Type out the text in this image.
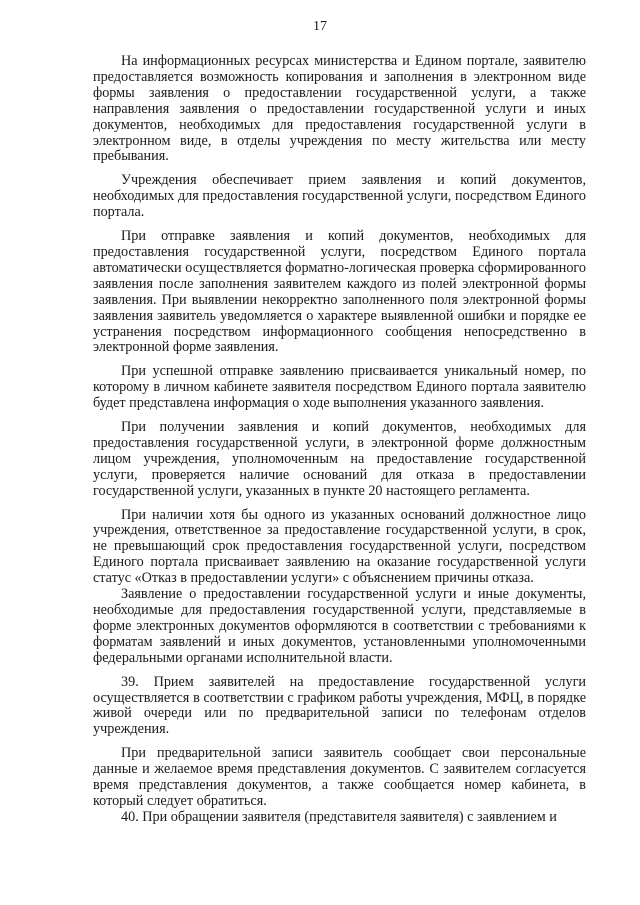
17

На информационных ресурсах министерства и Едином портале, заявителю предоставляется возможность копирования и заполнения в электронном виде формы заявления о предоставлении государственной услуги, а также направления заявления о предоставлении государственной услуги и иных документов, необходимых для предоставления государственной услуги в электронном виде, в отделы учреждения по месту жительства или месту пребывания.

Учреждения обеспечивает прием заявления и копий документов, необходимых для предоставления государственной услуги, посредством Единого портала.

При отправке заявления и копий документов, необходимых для предоставления государственной услуги, посредством Единого портала автоматически осуществляется форматно-логическая проверка сформированного заявления после заполнения заявителем каждого из полей электронной формы заявления. При выявлении некорректно заполненного поля электронной формы заявления заявитель уведомляется о характере выявленной ошибки и порядке ее устранения посредством информационного сообщения непосредственно в электронной форме заявления.

При успешной отправке заявлению присваивается уникальный номер, по которому в личном кабинете заявителя посредством Единого портала заявителю будет представлена информация о ходе выполнения указанного заявления.

При получении заявления и копий документов, необходимых для предоставления государственной услуги, в электронной форме должностным лицом учреждения, уполномоченным на предоставление государственной услуги, проверяется наличие оснований для отказа в предоставлении государственной услуги, указанных в пункте 20 настоящего регламента.

При наличии хотя бы одного из указанных оснований должностное лицо учреждения, ответственное за предоставление государственной услуги, в срок, не превышающий срок предоставления государственной услуги, посредством Единого портала присваивает заявлению на оказание государственной услуги статус «Отказ в предоставлении услуги» с объяснением причины отказа.

Заявление о предоставлении государственной услуги и иные документы, необходимые для предоставления государственной услуги, представляемые в форме электронных документов оформляются в соответствии с требованиями к форматам заявлений и иных документов, установленными уполномоченными федеральными органами исполнительной власти.

39. Прием заявителей на предоставление государственной услуги осуществляется в соответствии с графиком работы учреждения, МФЦ, в порядке живой очереди или по предварительной записи по телефонам отделов учреждения.

При предварительной записи заявитель сообщает свои персональные данные и желаемое время представления документов. С заявителем согласуется время представления документов, а также сообщается номер кабинета, в который следует обратиться.

40. При обращении заявителя (представителя заявителя) с заявлением и
